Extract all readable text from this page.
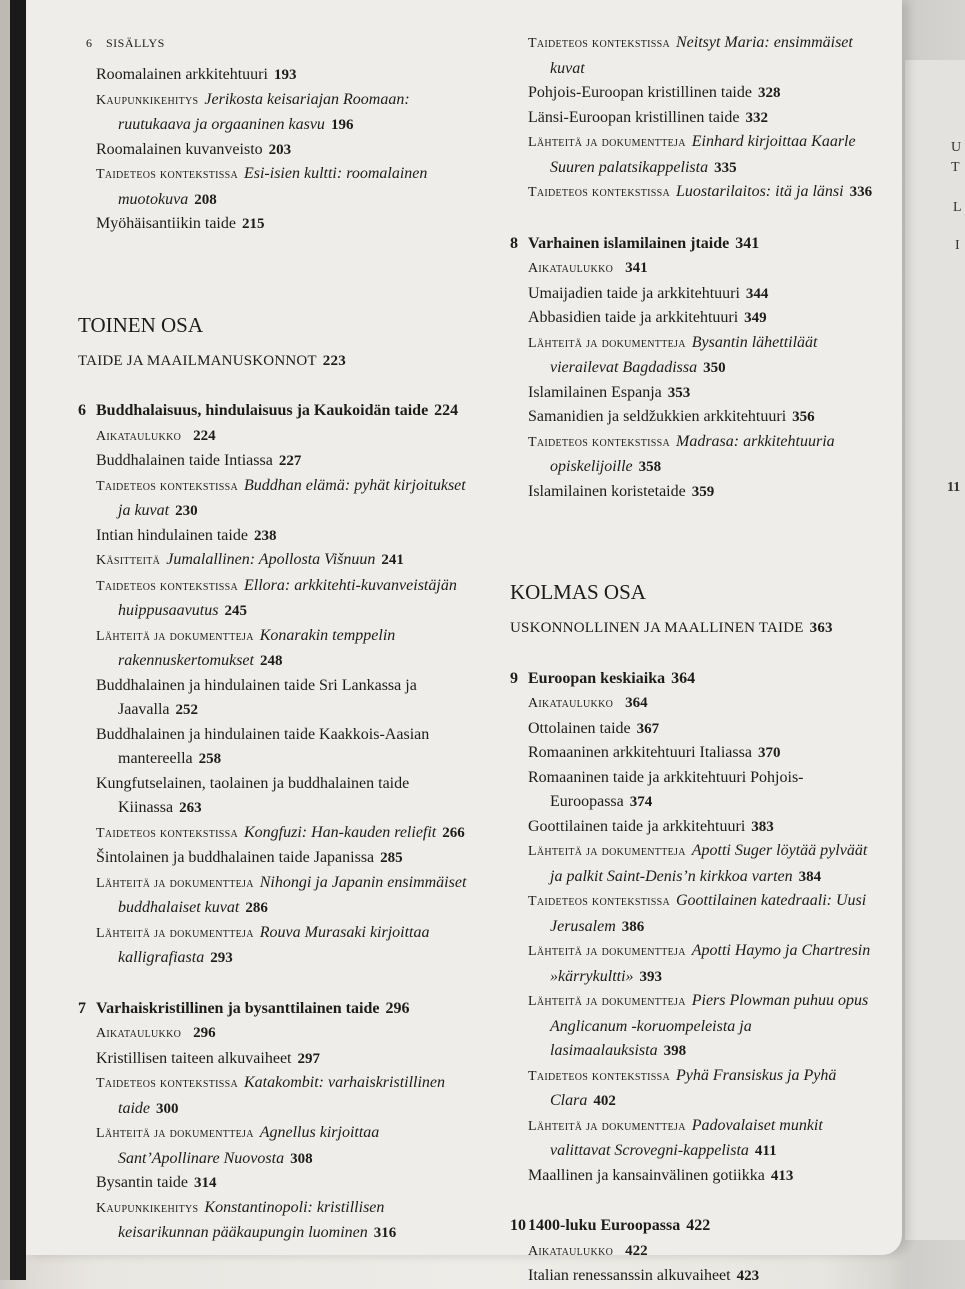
U
T
L
I
11
6 SISÄLLYS
Roomalainen arkkitehtuuri 193
Kaupunkikehitys Jerikosta keisariajan Roomaan: ruutukaava ja orgaaninen kasvu 196
Roomalainen kuvanveisto 203
Taideteos kontekstissa Esi-isien kultti: roomalainen muotokuva 208
Myöhäisantiikin taide 215
TOINEN OSA
TAIDE JA MAAILMANUSKONNOT 223
6 Buddhalaisuus, hindulaisuus ja Kaukoidän taide 224
Aikataulukko 224
Buddhalainen taide Intiassa 227
Taideteos kontekstissa Buddhan elämä: pyhät kirjoitukset ja kuvat 230
Intian hindulainen taide 238
Käsitteitä Jumalallinen: Apollosta Višnuun 241
Taideteos kontekstissa Ellora: arkkitehti-kuvanveistäjän huippusaavutus 245
Lähteitä ja dokumentteja Konarakin temppelin rakennuskertomukset 248
Buddhalainen ja hindulainen taide Sri Lankassa ja Jaavalla 252
Buddhalainen ja hindulainen taide Kaakkois-Aasian mantereella 258
Kungfutselainen, taolainen ja buddhalainen taide Kiinassa 263
Taideteos kontekstissa Kongfuzi: Han-kauden reliefit 266
Šintolainen ja buddhalainen taide Japanissa 285
Lähteitä ja dokumentteja Nihongi ja Japanin ensimmäiset buddhalaiset kuvat 286
Lähteitä ja dokumentteja Rouva Murasaki kirjoittaa kalligrafiasta 293
7 Varhaiskristillinen ja bysanttilainen taide 296
Aikataulukko 296
Kristillisen taiteen alkuvaiheet 297
Taideteos kontekstissa Katakombit: varhaiskristillinen taide 300
Lähteitä ja dokumentteja Agnellus kirjoittaa Sant’Apollinare Nuovosta 308
Bysantin taide 314
Kaupunkikehitys Konstantinopoli: kristillisen keisarikunnan pääkaupungin luominen 316
Taideteos kontekstissa Neitsyt Maria: ensimmäiset kuvat
Pohjois-Euroopan kristillinen taide 328
Länsi-Euroopan kristillinen taide 332
Lähteitä ja dokumentteja Einhard kirjoittaa Kaarle Suuren palatsikappelista 335
Taideteos kontekstissa Luostarilaitos: itä ja länsi 336
8 Varhainen islamilainen jtaide 341
Aikataulukko 341
Umaijadien taide ja arkkitehtuuri 344
Abbasidien taide ja arkkitehtuuri 349
Lähteitä ja dokumentteja Bysantin lähettiläät vierailevat Bagdadissa 350
Islamilainen Espanja 353
Samanidien ja seldžukkien arkkitehtuuri 356
Taideteos kontekstissa Madrasa: arkkitehtuuria opiskelijoille 358
Islamilainen koristetaide 359
KOLMAS OSA
USKONNOLLINEN JA MAALLINEN TAIDE 363
9 Euroopan keskiaika 364
Aikataulukko 364
Ottolainen taide 367
Romaaninen arkkitehtuuri Italiassa 370
Romaaninen taide ja arkkitehtuuri Pohjois-Euroopassa 374
Goottilainen taide ja arkkitehtuuri 383
Lähteitä ja dokumentteja Apotti Suger löytää pylväät ja palkit Saint-Denis’n kirkkoa varten 384
Taideteos kontekstissa Goottilainen katedraali: Uusi Jerusalem 386
Lähteitä ja dokumentteja Apotti Haymo ja Chartresin »kärrykultti» 393
Lähteitä ja dokumentteja Piers Plowman puhuu opus Anglicanum -koruompeleista ja lasimaalauksista 398
Taideteos kontekstissa Pyhä Fransiskus ja Pyhä Clara 402
Lähteitä ja dokumentteja Padovalaiset munkit valittavat Scrovegni-kappelista 411
Maallinen ja kansainvälinen gotiikka 413
10 1400-luku Euroopassa 422
Aikataulukko 422
Italian renessanssin alkuvaiheet 423
